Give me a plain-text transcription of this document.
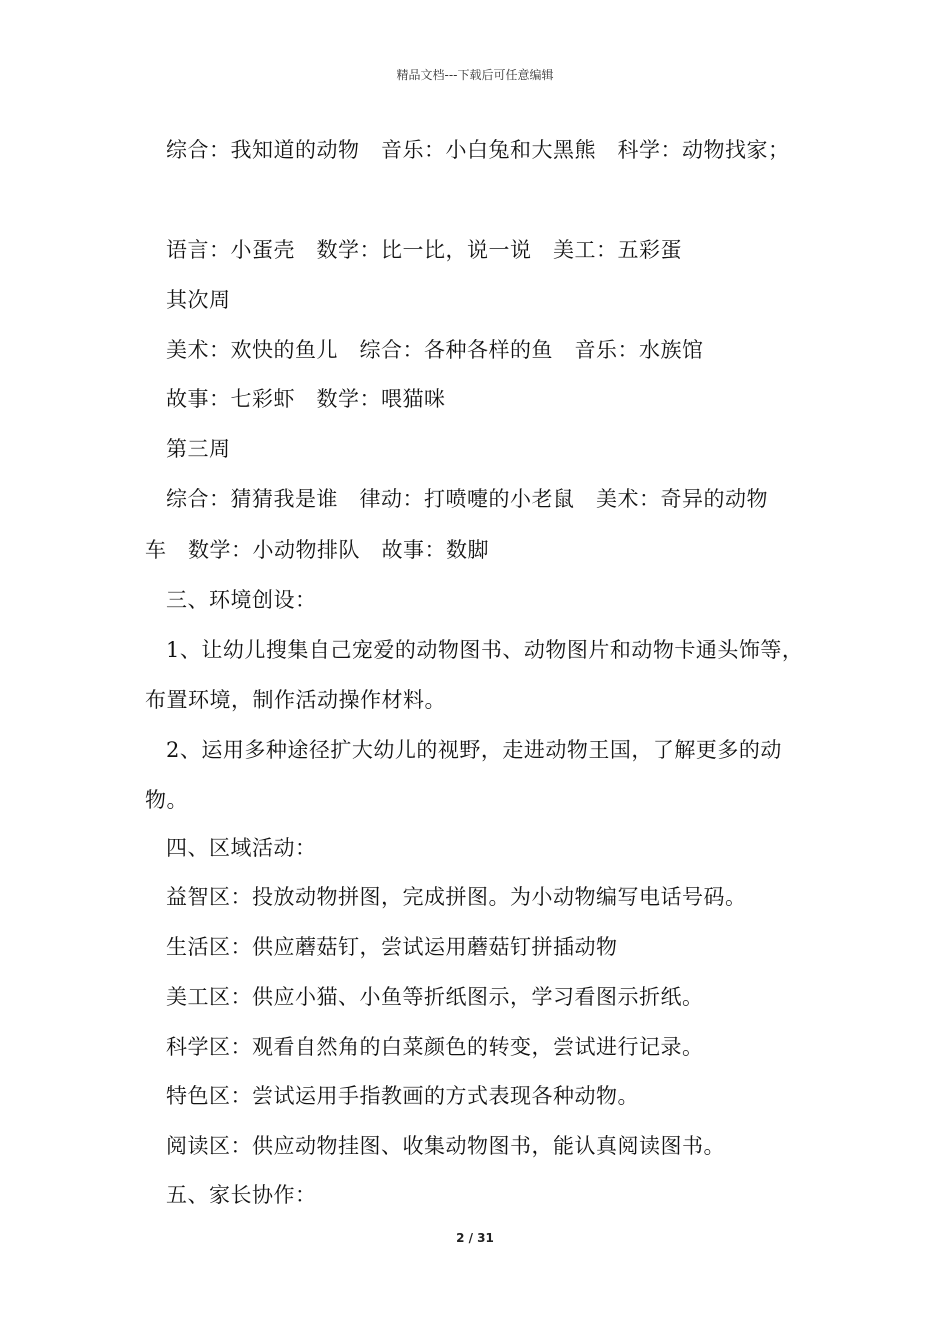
精品文档---下载后可任意编辑
综合：我知道的动物　音乐：小白兔和大黑熊　科学：动物找家；
语言：小蛋壳　数学：比一比，说一说　美工：五彩蛋
其次周
美术：欢快的鱼儿　综合：各种各样的鱼　音乐：水族馆
故事：七彩虾　数学：喂猫咪
第三周
综合：猜猜我是谁　律动：打喷嚏的小老鼠　美术：奇异的动物
车　数学：小动物排队　故事：数脚
三、环境创设：
1、让幼儿搜集自己宠爱的动物图书、动物图片和动物卡通头饰等，
布置环境，制作活动操作材料。
2、运用多种途径扩大幼儿的视野，走进动物王国，了解更多的动
物。
四、区域活动：
益智区：投放动物拼图，完成拼图。为小动物编写电话号码。
生活区：供应蘑菇钉，尝试运用蘑菇钉拼插动物
美工区：供应小猫、小鱼等折纸图示，学习看图示折纸。
科学区：观看自然角的白菜颜色的转变，尝试进行记录。
特色区：尝试运用手指教画的方式表现各种动物。
阅读区：供应动物挂图、收集动物图书，能认真阅读图书。
五、家长协作：
2 / 31
